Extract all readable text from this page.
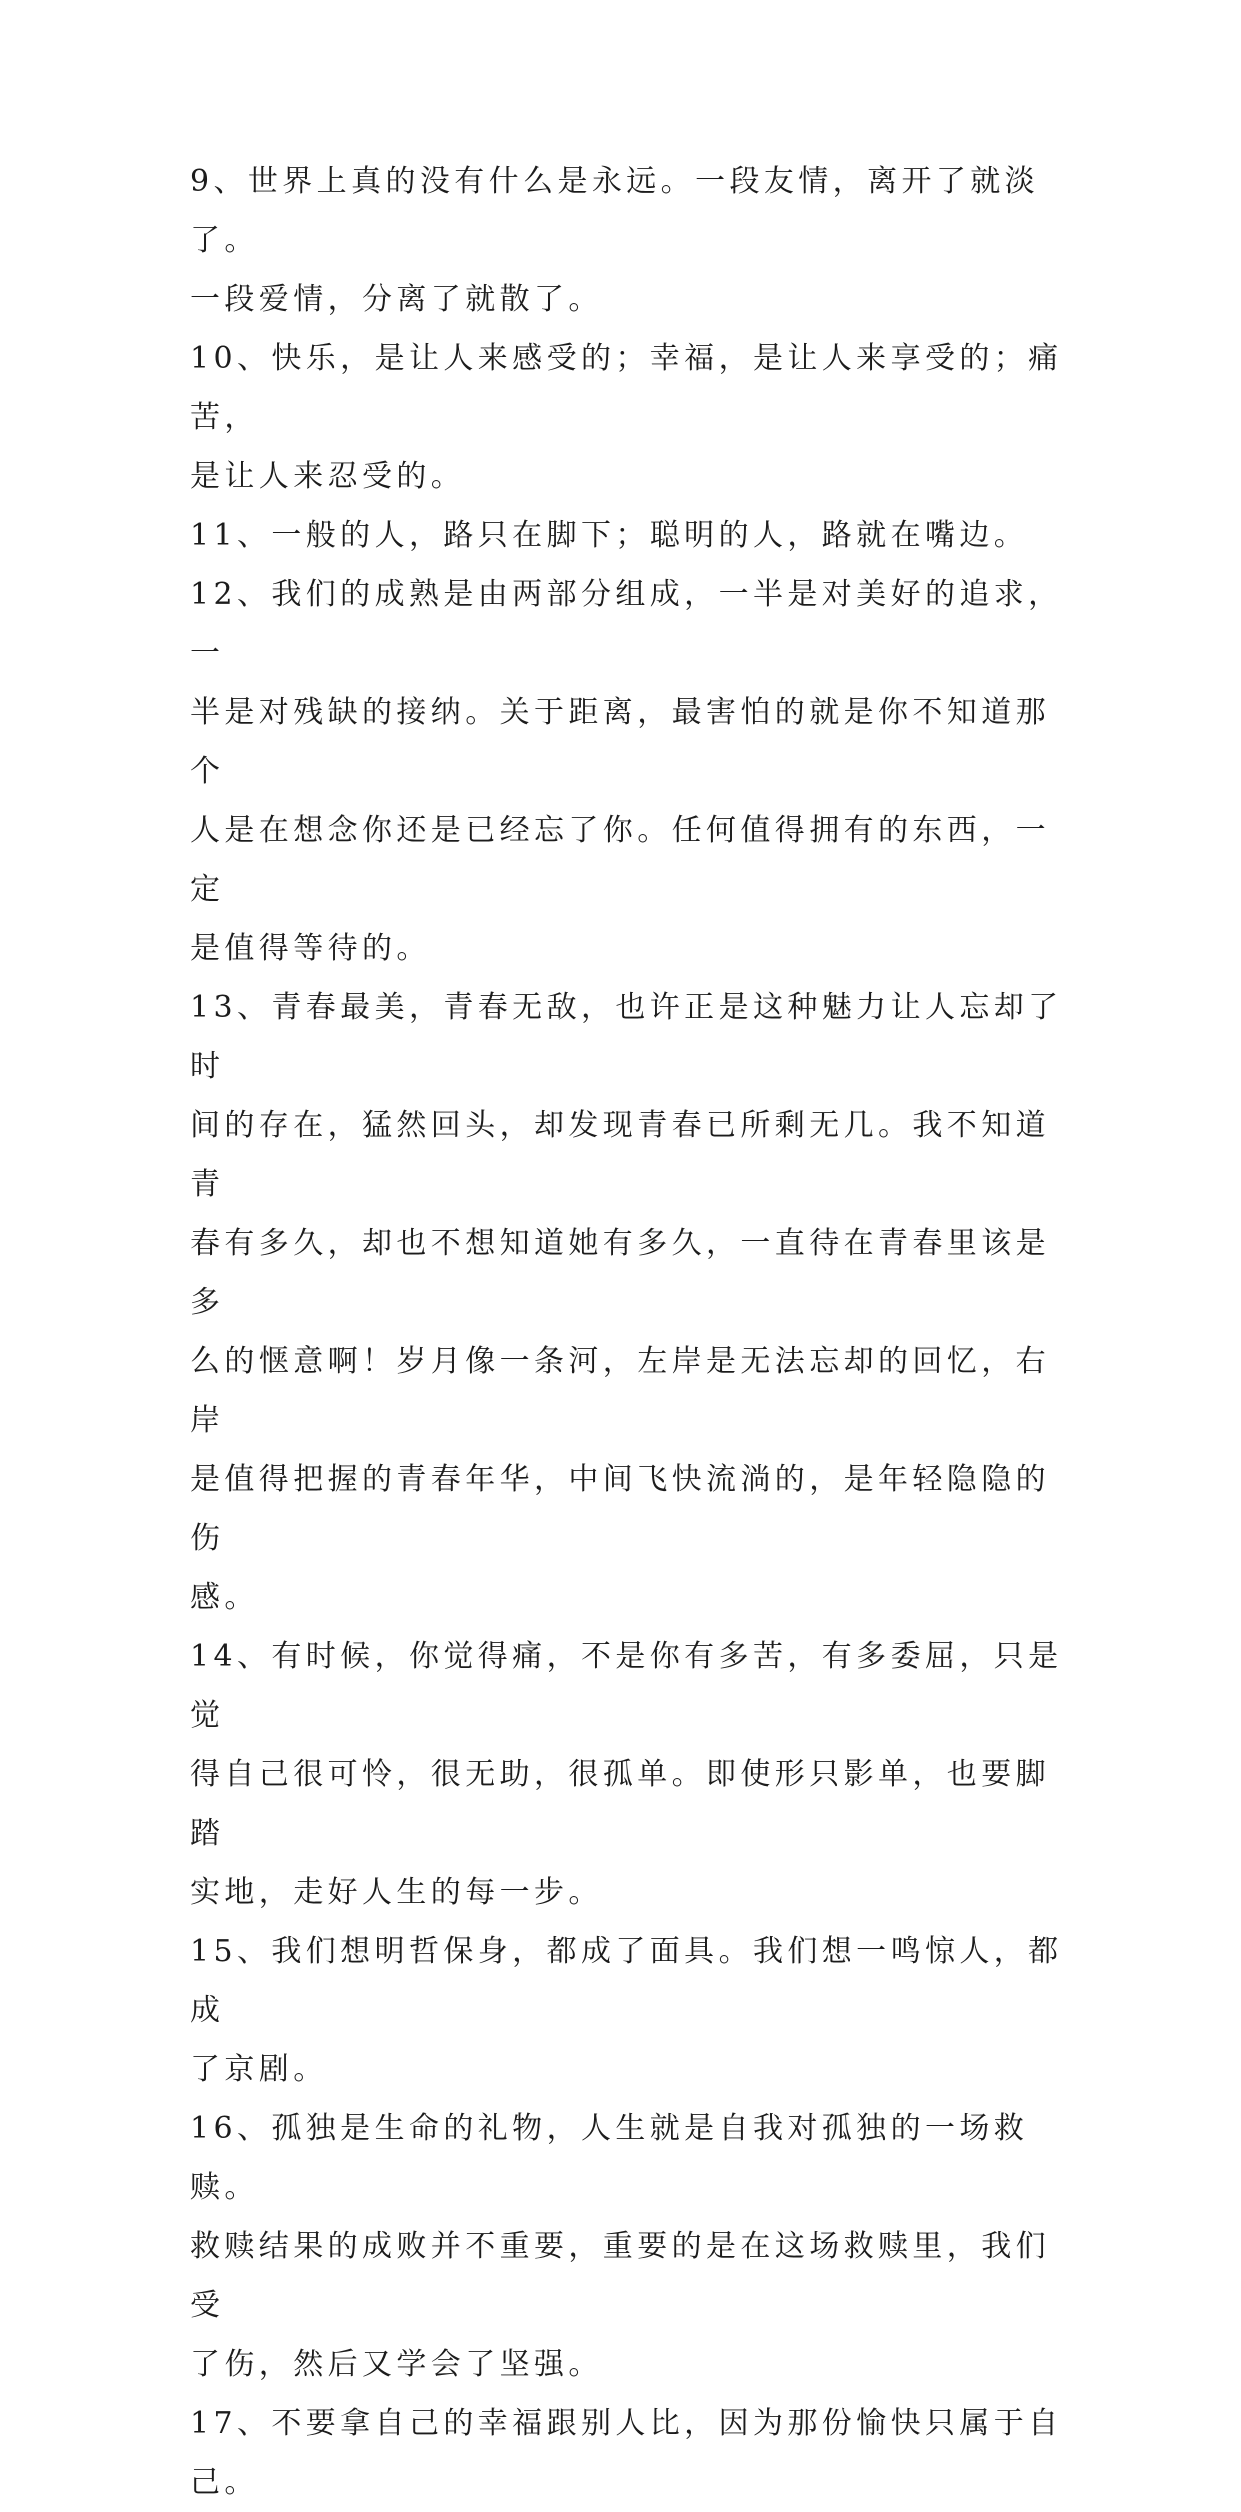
9、世界上真的没有什么是永远。一段友情，离开了就淡了。
一段爱情，分离了就散了。

10、快乐，是让人来感受的；幸福，是让人来享受的；痛苦，
是让人来忍受的。

11、一般的人，路只在脚下；聪明的人，路就在嘴边。

12、我们的成熟是由两部分组成，一半是对美好的追求，一
半是对残缺的接纳。关于距离，最害怕的就是你不知道那个
人是在想念你还是已经忘了你。任何值得拥有的东西，一定
是值得等待的。

13、青春最美，青春无敌，也许正是这种魅力让人忘却了时
间的存在，猛然回头，却发现青春已所剩无几。我不知道青
春有多久，却也不想知道她有多久，一直待在青春里该是多
么的惬意啊！岁月像一条河，左岸是无法忘却的回忆，右岸
是值得把握的青春年华，中间飞快流淌的，是年轻隐隐的伤
感。

14、有时候，你觉得痛，不是你有多苦，有多委屈，只是觉
得自己很可怜，很无助，很孤单。即使形只影单，也要脚踏
实地，走好人生的每一步。

15、我们想明哲保身，都成了面具。我们想一鸣惊人，都成
了京剧。

16、孤独是生命的礼物，人生就是自我对孤独的一场救赎。
救赎结果的成败并不重要，重要的是在这场救赎里，我们受
了伤，然后又学会了坚强。

17、不要拿自己的幸福跟别人比，因为那份愉快只属于自己。
